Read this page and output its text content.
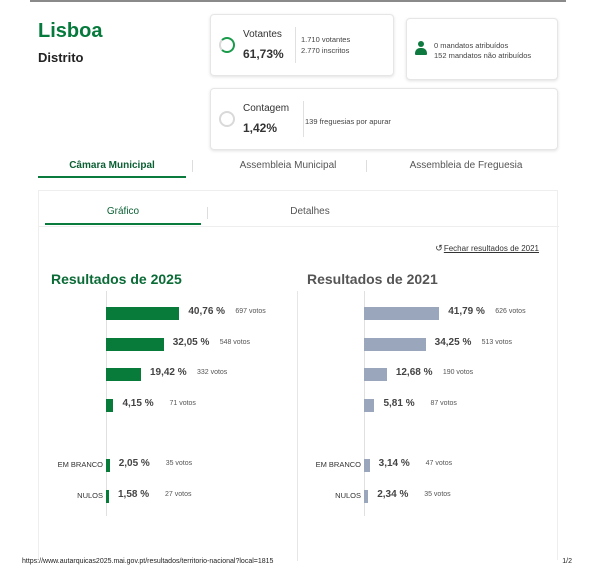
Lisboa
Distrito
Votantes
61,73%
1.710 votantes
2.770 inscritos
0 mandatos atribuídos
152 mandatos não atribuídos
Contagem
1,42%	139 freguesias por apurar
Câmara Municipal	Assembleia Municipal	Assembleia de Freguesia
Gráfico	Detalhes
↺Fechar resultados de 2021
Resultados de 2025	Resultados de 2021
40,76 % 697 votos
32,05 % 548 votos
19,42 % 332 votos
4,15 % 71 votos
EM BRANCO 2,05 % 35 votos
NULOS 1,58 % 27 votos
41,79 % 626 votos
34,25 % 513 votos
12,68 % 190 votos
5,81 % 87 votos
EM BRANCO 3,14 % 47 votos
NULOS 2,34 % 35 votos
https://www.autarquicas2025.mai.gov.pt/resultados/territorio-nacional?local=1815	1/2
